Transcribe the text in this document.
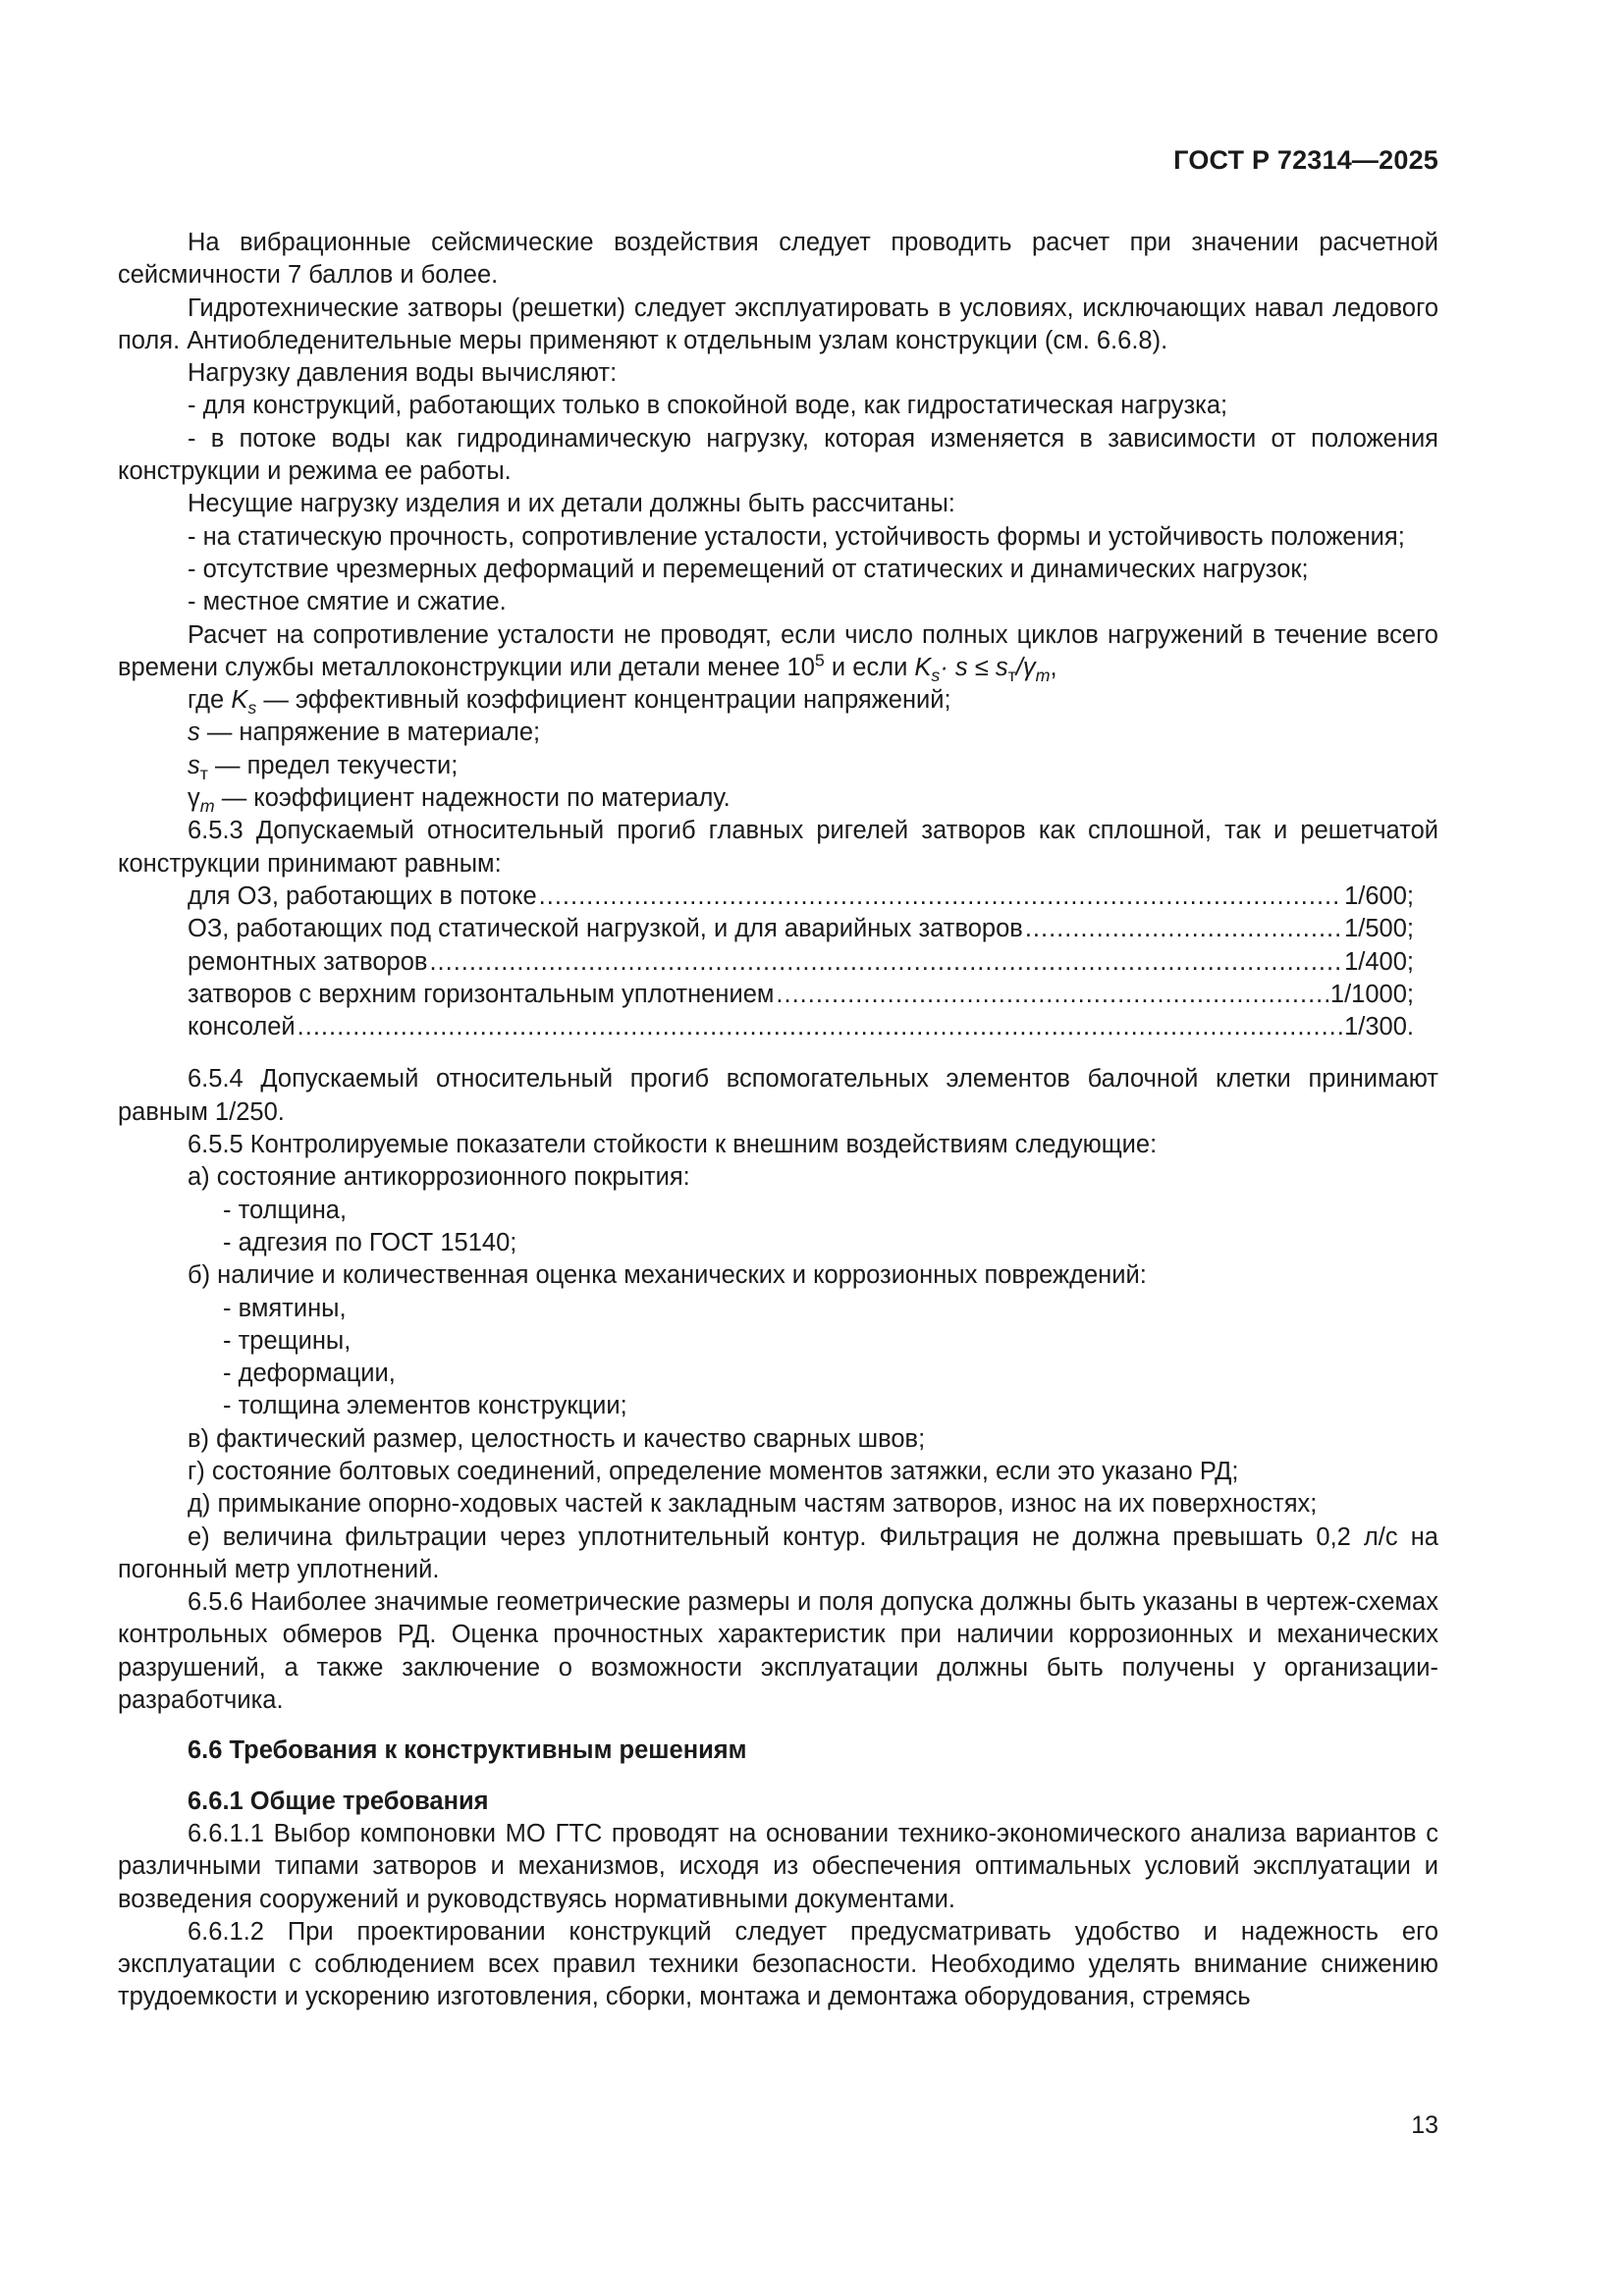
ГОСТ Р 72314—2025

На вибрационные сейсмические воздействия следует проводить расчет при значении расчетной сейсмичности 7 баллов и более.

Гидротехнические затворы (решетки) следует эксплуатировать в условиях, исключающих навал ледового поля. Антиобледенительные меры применяют к отдельным узлам конструкции (см. 6.6.8).

Нагрузку давления воды вычисляют:

- для конструкций, работающих только в спокойной воде, как гидростатическая нагрузка;

- в потоке воды как гидродинамическую нагрузку, которая изменяется в зависимости от положения конструкции и режима ее работы.

Несущие нагрузку изделия и их детали должны быть рассчитаны:

- на статическую прочность, сопротивление усталости, устойчивость формы и устойчивость положения;

- отсутствие чрезмерных деформаций и перемещений от статических и динамических нагрузок;

- местное смятие и сжатие.

Расчет на сопротивление усталости не проводят, если число полных циклов нагружений в течение всего времени службы металлоконструкции или детали менее $10^5$ и если $K_s\cdot s \le s_т/\gamma_m$,

где $K_s$ — эффективный коэффициент концентрации напряжений;

s — напряжение в материале;

$s_т$ — предел текучести;

$\gamma_m$ — коэффициент надежности по материалу.

6.5.3 Допускаемый относительный прогиб главных ригелей затворов как сплошной, так и решетчатой конструкции принимают равным:

для ОЗ, работающих в потоке .....	1/600;
ОЗ, работающих под статической нагрузкой, и для аварийных затворов .....	1/500;
ремонтных затворов .....	1/400;
затворов с верхним горизонтальным уплотнением .....	1/1000;
консолей .....	1/300.

6.5.4 Допускаемый относительный прогиб вспомогательных элементов балочной клетки принимают равным 1/250.

6.5.5 Контролируемые показатели стойкости к внешним воздействиям следующие:

а) состояние антикоррозионного покрытия:

- толщина,

- адгезия по ГОСТ 15140;

б) наличие и количественная оценка механических и коррозионных повреждений:

- вмятины,

- трещины,

- деформации,

- толщина элементов конструкции;

в) фактический размер, целостность и качество сварных швов;

г) состояние болтовых соединений, определение моментов затяжки, если это указано РД;

д) примыкание опорно-ходовых частей к закладным частям затворов, износ на их поверхностях;

е) величина фильтрации через уплотнительный контур. Фильтрация не должна превышать 0,2 л/с на погонный метр уплотнений.

6.5.6 Наиболее значимые геометрические размеры и поля допуска должны быть указаны в чертеж-схемах контрольных обмеров РД. Оценка прочностных характеристик при наличии коррозионных и механических разрушений, а также заключение о возможности эксплуатации должны быть получены у организации-разработчика.

6.6 Требования к конструктивным решениям

6.6.1 Общие требования

6.6.1.1 Выбор компоновки МО ГТС проводят на основании технико-экономического анализа вариантов с различными типами затворов и механизмов, исходя из обеспечения оптимальных условий эксплуатации и возведения сооружений и руководствуясь нормативными документами.

6.6.1.2 При проектировании конструкций следует предусматривать удобство и надежность его эксплуатации с соблюдением всех правил техники безопасности. Необходимо уделять внимание снижению трудоемкости и ускорению изготовления, сборки, монтажа и демонтажа оборудования, стремясь

13
